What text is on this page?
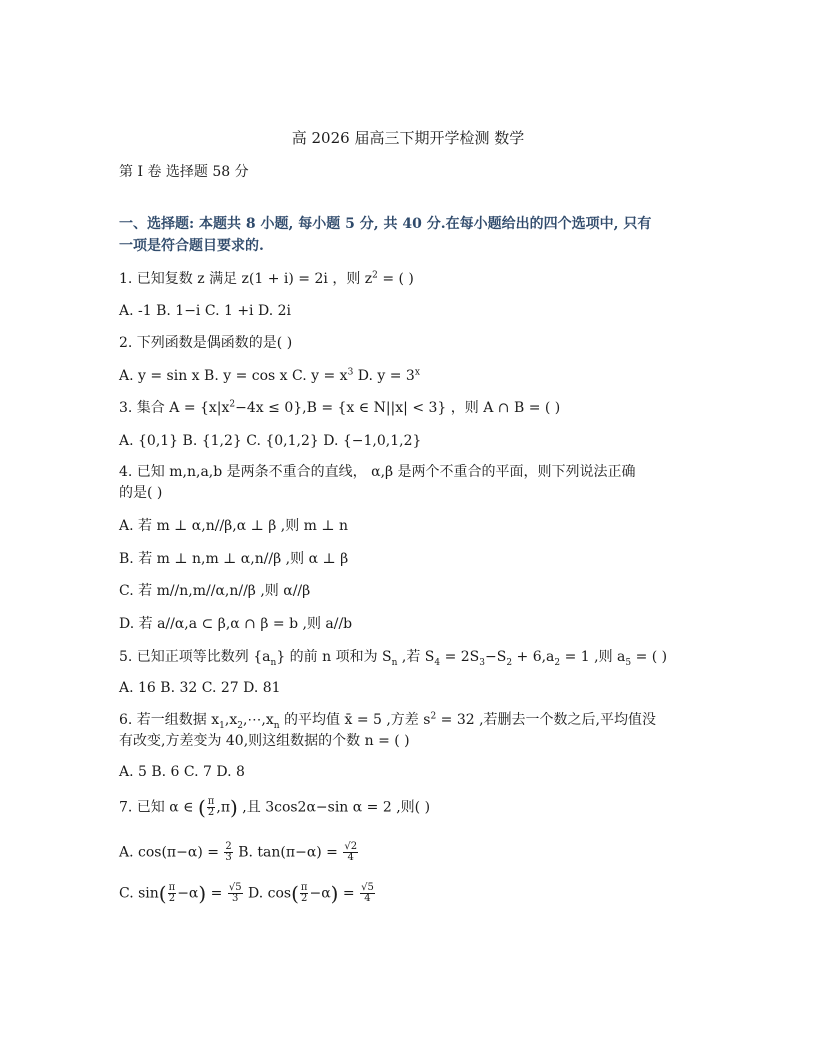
高 2026 届高三下期开学检测 数学
第 I 卷 选择题 58 分
一、选择题: 本题共 8 小题, 每小题 5 分, 共 40 分.在每小题给出的四个选项中, 只有
一项是符合题目要求的.
1. 已知复数 z 满足 z(1 + i) = 2i ，则 $z^2$ = ( )
A. -1 B. 1−i C. 1 +i D. 2i
2. 下列函数是偶函数的是( )
A. y = sin x B. y = cos x C. $y = x^3$ D. $y = 3^x$
3. 集合 $A = \{x|x^2-4x \le 0\},B = \{x$ ∈ N||x| < 3} ，则 A ∩ B = ( )
A. {0,1} B. {1,2} C. {0,1,2} D. {−1,0,1,2}
4. 已知 m,n,a,b 是两条不重合的直线， α,β 是两个不重合的平面，则下列说法正确
的是( )
A. 若 m ⊥ α,n//β,α ⊥ β ,则 m ⊥ n
B. 若 m ⊥ n,m ⊥ α,n//β ,则 α ⊥ β
C. 若 m//n,m//α,n//β ,则 α//β
D. 若 a//α,a ⊂ β,α ∩ β = b ,则 a//b
5. 已知正项等比数列 $\{a_n\}$ 的前 n 项和为 $S_n$ ,若 $S_4 = 2S_3-S_2 + 6,a_2 = 1$ ,则 $a_5$ = ( )
A. 16 B. 32 C. 27 D. 81
6. 若一组数据 $x_1,x_2,\cdots,x_n$ 的平均值 x̄ = 5 ,方差 $s^2 = 32$ ,若删去一个数之后,平均值没
有改变,方差变为 40,则这组数据的个数 n = ( )
A. 5 B. 6 C. 7 D. 8
7. 已知 α ∈ ( $\frac{\pi}{2} ,\pi$) ,且 3cos2α−sin α = 2 ,则( )
A. $\cos(\pi-\alpha) = \frac{2}{3} B$. $\tan(\pi-\alpha) = \frac{√2}{4}$
C. $\sin( \frac{\pi}{2} -\alpha) = \frac{√5}{3} D$. $\cos( \frac{\pi}{2} -\alpha) = \frac{√5}{4}$
